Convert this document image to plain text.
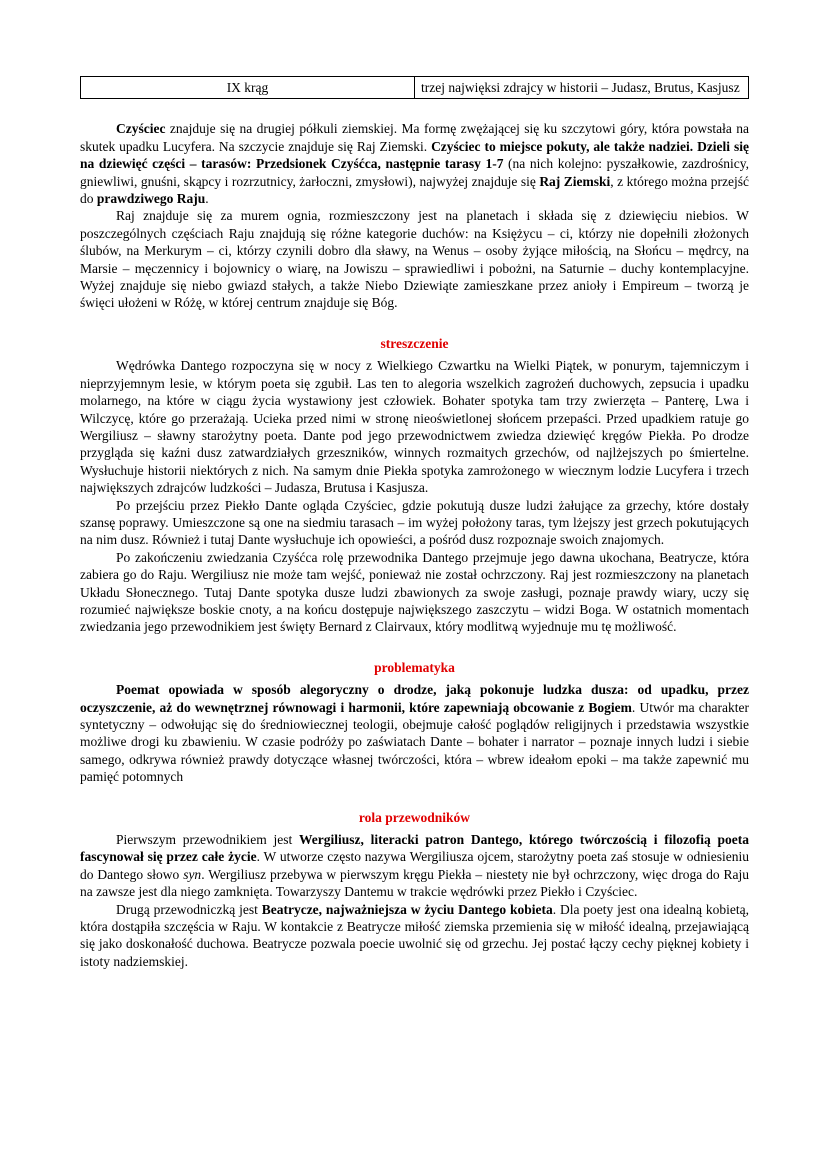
IX krąg	trzej najwięksi zdrajcy w historii – Judasz, Brutus, Kasjusz

Czyściec znajduje się na drugiej półkuli ziemskiej. Ma formę zwężającej się ku szczytowi góry, która powstała na skutek upadku Lucyfera. Na szczycie znajduje się Raj Ziemski. Czyściec to miejsce pokuty, ale także nadziei. Dzieli się na dziewięć części – tarasów: Przedsionek Czyśćca, następnie tarasy 1-7 (na nich kolejno: pyszałkowie, zazdrośnicy, gniewliwi, gnuśni, skąpcy i rozrzutnicy, żarłoczni, zmysłowi), najwyżej znajduje się Raj Ziemski, z którego można przejść do prawdziwego Raju.

Raj znajduje się za murem ognia, rozmieszczony jest na planetach i składa się z dziewięciu niebios. W poszczególnych częściach Raju znajdują się różne kategorie duchów: na Księżycu – ci, którzy nie dopełnili złożonych ślubów, na Merkurym – ci, którzy czynili dobro dla sławy, na Wenus – osoby żyjące miłością, na Słońcu – mędrcy, na Marsie – męczennicy i bojownicy o wiarę, na Jowiszu – sprawiedliwi i pobożni, na Saturnie – duchy kontemplacyjne. Wyżej znajduje się niebo gwiazd stałych, a także Niebo Dziewiąte zamieszkane przez anioły i Empireum – tworzą je święci ułożeni w Różę, w której centrum znajduje się Bóg.

streszczenie

Wędrówka Dantego rozpoczyna się w nocy z Wielkiego Czwartku na Wielki Piątek, w ponurym, tajemniczym i nieprzyjemnym lesie, w którym poeta się zgubił. Las ten to alegoria wszelkich zagrożeń duchowych, zepsucia i upadku molarnego, na które w ciągu życia wystawiony jest człowiek. Bohater spotyka tam trzy zwierzęta – Panterę, Lwa i Wilczycę, które go przerażają. Ucieka przed nimi w stronę nieoświetlonej słońcem przepaści. Przed upadkiem ratuje go Wergiliusz – sławny starożytny poeta. Dante pod jego przewodnictwem zwiedza dziewięć kręgów Piekła. Po drodze przygląda się kaźni dusz zatwardziałych grzeszników, winnych rozmaitych grzechów, od najlżejszych po śmiertelne. Wysłuchuje historii niektórych z nich. Na samym dnie Piekła spotyka zamrożonego w wiecznym lodzie Lucyfera i trzech największych zdrajców ludzkości – Judasza, Brutusa i Kasjusza.

Po przejściu przez Piekło Dante ogląda Czyściec, gdzie pokutują dusze ludzi żałujące za grzechy, które dostały szansę poprawy. Umieszczone są one na siedmiu tarasach – im wyżej położony taras, tym lżejszy jest grzech pokutujących na nim dusz. Również i tutaj Dante wysłuchuje ich opowieści, a pośród dusz rozpoznaje swoich znajomych.

Po zakończeniu zwiedzania Czyśćca rolę przewodnika Dantego przejmuje jego dawna ukochana, Beatrycze, która zabiera go do Raju. Wergiliusz nie może tam wejść, ponieważ nie został ochrzczony. Raj jest rozmieszczony na planetach Układu Słonecznego. Tutaj Dante spotyka dusze ludzi zbawionych za swoje zasługi, poznaje prawdy wiary, uczy się rozumieć największe boskie cnoty, a na końcu dostępuje największego zaszczytu – widzi Boga. W ostatnich momentach zwiedzania jego przewodnikiem jest święty Bernard z Clairvaux, który modlitwą wyjednuje mu tę możliwość.

problematyka

Poemat opowiada w sposób alegoryczny o drodze, jaką pokonuje ludzka dusza: od upadku, przez oczyszczenie, aż do wewnętrznej równowagi i harmonii, które zapewniają obcowanie z Bogiem. Utwór ma charakter syntetyczny – odwołując się do średniowiecznej teologii, obejmuje całość poglądów religijnych i przedstawia wszystkie możliwe drogi ku zbawieniu. W czasie podróży po zaświatach Dante – bohater i narrator – poznaje innych ludzi i siebie samego, odkrywa również prawdy dotyczące własnej twórczości, która – wbrew ideałom epoki – ma także zapewnić mu pamięć potomnych

rola przewodników

Pierwszym przewodnikiem jest Wergiliusz, literacki patron Dantego, którego twórczością i filozofią poeta fascynował się przez całe życie. W utworze często nazywa Wergiliusza ojcem, starożytny poeta zaś stosuje w odniesieniu do Dantego słowo syn. Wergiliusz przebywa w pierwszym kręgu Piekła – niestety nie był ochrzczony, więc droga do Raju na zawsze jest dla niego zamknięta. Towarzyszy Dantemu w trakcie wędrówki przez Piekło i Czyściec.

Drugą przewodniczką jest Beatrycze, najważniejsza w życiu Dantego kobieta. Dla poety jest ona idealną kobietą, która dostąpiła szczęścia w Raju. W kontakcie z Beatrycze miłość ziemska przemienia się w miłość idealną, przejawiającą się jako doskonałość duchowa. Beatrycze pozwala poecie uwolnić się od grzechu. Jej postać łączy cechy pięknej kobiety i istoty nadziemskiej.
